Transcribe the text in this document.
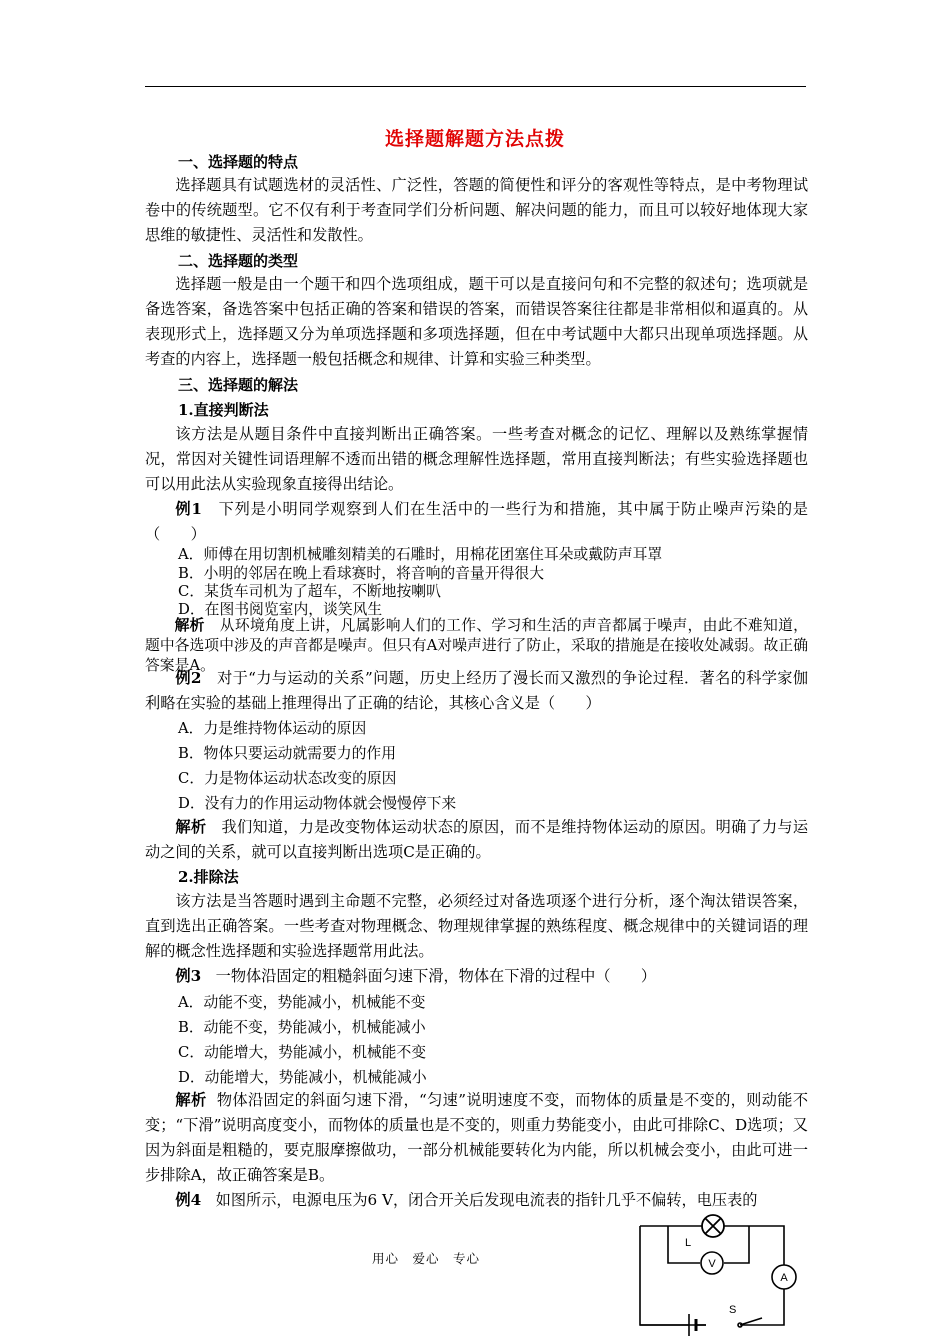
选择题解题方法点拨
一、选择题的特点

选择题具有试题选材的灵活性、广泛性，答题的简便性和评分的客观性等特点，是中考物理试卷中的传统题型。它不仅有利于考查同学们分析问题、解决问题的能力，而且可以较好地体现大家思维的敏捷性、灵活性和发散性。

二、选择题的类型

选择题一般是由一个题干和四个选项组成，题干可以是直接问句和不完整的叙述句；选项就是备选答案，备选答案中包括正确的答案和错误的答案，而错误答案往往都是非常相似和逼真的。从表现形式上，选择题又分为单项选择题和多项选择题，但在中考试题中大都只出现单项选择题。从考查的内容上，选择题一般包括概念和规律、计算和实验三种类型。

三、选择题的解法
1.直接判断法

该方法是从题目条件中直接判断出正确答案。一些考查对概念的记忆、理解以及熟练掌握情况，常因对关键性词语理解不透而出错的概念理解性选择题，常用直接判断法；有些实验选择题也可以用此法从实验现象直接得出结论。

例1 下列是小明同学观察到人们在生活中的一些行为和措施，其中属于防止噪声污染的是（　　）

A．师傅在用切割机械雕刻精美的石雕时，用棉花团塞住耳朵或戴防声耳罩
B．小明的邻居在晚上看球赛时，将音响的音量开得很大
C．某货车司机为了超车，不断地按喇叭
D．在图书阅览室内，谈笑风生

解析 从环境角度上讲，凡属影响人们的工作、学习和生活的声音都属于噪声，由此不难知道，题中各选项中涉及的声音都是噪声。但只有A对噪声进行了防止，采取的措施是在接收处减弱。故正确答案是A。

例2 对于“力与运动的关系”问题，历史上经历了漫长而又激烈的争论过程．著名的科学家伽利略在实验的基础上推理得出了正确的结论，其核心含义是（　　）

A．力是维持物体运动的原因
B．物体只要运动就需要力的作用
C．力是物体运动状态改变的原因
D．没有力的作用运动物体就会慢慢停下来

解析 我们知道，力是改变物体运动状态的原因，而不是维持物体运动的原因。明确了力与运动之间的关系，就可以直接判断出选项C是正确的。

2.排除法

该方法是当答题时遇到主命题不完整，必须经过对备选项逐个进行分析，逐个淘汰错误答案，直到选出正确答案。一些考查对物理概念、物理规律掌握的熟练程度、概念规律中的关键词语的理解的概念性选择题和实验选择题常用此法。

例3 一物体沿固定的粗糙斜面匀速下滑，物体在下滑的过程中（　　）

A．动能不变，势能减小，机械能不变
B．动能不变，势能减小，机械能减小
C．动能增大，势能减小，机械能不变
D．动能增大，势能减小，机械能减小

解析 物体沿固定的斜面匀速下滑，“匀速”说明速度不变，而物体的质量是不变的，则动能不变；“下滑”说明高度变小，而物体的质量也是不变的，则重力势能变小，由此可排除C、D选项；又因为斜面是粗糙的，要克服摩擦做功，一部分机械能要转化为内能，所以机械会变小，由此可进一步排除A，故正确答案是B。

例4 如图所示，电源电压为6 V，闭合开关后发现电流表的指针几乎不偏转，电压表的

用心　爱心　专心
L
V
A
S
